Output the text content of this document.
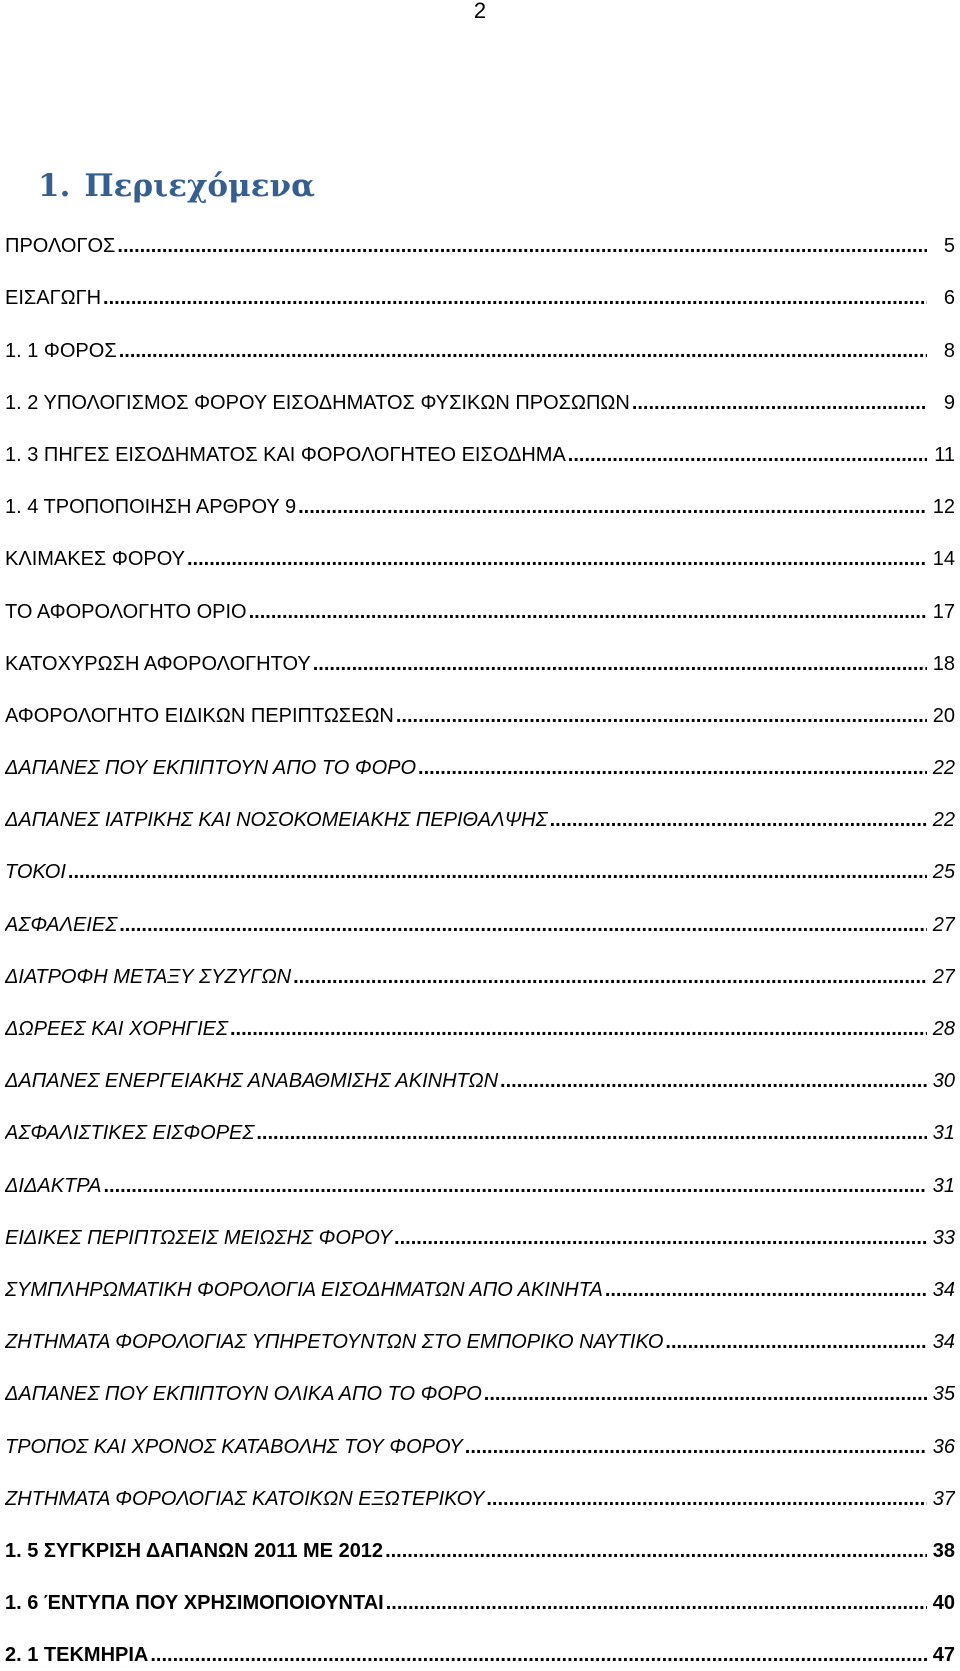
2
1. Περιεχόμενα
ΠΡΟΛΟΓΟΣ .....	5
ΕΙΣΑΓΩΓΗ .....	6
1. 1 ΦΟΡΟΣ .....	8
1. 2 ΥΠΟΛΟΓΙΣΜΟΣ ΦΟΡΟΥ ΕΙΣΟΔΗΜΑΤΟΣ ΦΥΣΙΚΩΝ ΠΡΟΣΩΠΩΝ .....	9
1. 3 ΠΗΓΕΣ ΕΙΣΟΔΗΜΑΤΟΣ ΚΑΙ ΦΟΡΟΛΟΓΗΤΕΟ ΕΙΣΟΔΗΜΑ .....	11
1. 4 ΤΡΟΠΟΠΟΙΗΣΗ ΑΡΘΡΟΥ 9 .....	12
ΚΛΙΜΑΚΕΣ ΦΟΡΟΥ .....	14
ΤΟ ΑΦΟΡΟΛΟΓΗΤΟ ΟΡΙΟ .....	17
ΚΑΤΟΧΥΡΩΣΗ ΑΦΟΡΟΛΟΓΗΤΟΥ .....	18
ΑΦΟΡΟΛΟΓΗΤΟ ΕΙΔΙΚΩΝ ΠΕΡΙΠΤΩΣΕΩΝ .....	20
ΔΑΠΑΝΕΣ ΠΟΥ ΕΚΠΙΠΤΟΥΝ ΑΠΟ ΤΟ ΦΟΡΟ .....	22
ΔΑΠΑΝΕΣ ΙΑΤΡΙΚΗΣ ΚΑΙ ΝΟΣΟΚΟΜΕΙΑΚΗΣ ΠΕΡΙΘΑΛΨΗΣ .....	22
ΤΟΚΟΙ .....	25
ΑΣΦΑΛΕΙΕΣ .....	27
ΔΙΑΤΡΟΦΗ ΜΕΤΑΞΥ ΣΥΖΥΓΩΝ .....	27
ΔΩΡΕΕΣ ΚΑΙ ΧΟΡΗΓΙΕΣ .....	28
ΔΑΠΑΝΕΣ ΕΝΕΡΓΕΙΑΚΗΣ ΑΝΑΒΑΘΜΙΣΗΣ ΑΚΙΝΗΤΩΝ .....	30
ΑΣΦΑΛΙΣΤΙΚΕΣ ΕΙΣΦΟΡΕΣ .....	31
ΔΙΔΑΚΤΡΑ .....	31
ΕΙΔΙΚΕΣ ΠΕΡΙΠΤΩΣΕΙΣ ΜΕΙΩΣΗΣ ΦΟΡΟΥ .....	33
ΣΥΜΠΛΗΡΩΜΑΤΙΚΗ ΦΟΡΟΛΟΓΙΑ ΕΙΣΟΔΗΜΑΤΩΝ ΑΠΟ ΑΚΙΝΗΤΑ .....	34
ΖΗΤΗΜΑΤΑ ΦΟΡΟΛΟΓΙΑΣ ΥΠΗΡΕΤΟΥΝΤΩΝ ΣΤΟ ΕΜΠΟΡΙΚΟ ΝΑΥΤΙΚΟ .....	34
ΔΑΠΑΝΕΣ ΠΟΥ ΕΚΠΙΠΤΟΥΝ ΟΛΙΚΑ ΑΠΟ ΤΟ ΦΟΡΟ .....	35
ΤΡΟΠΟΣ ΚΑΙ ΧΡΟΝΟΣ ΚΑΤΑΒΟΛΗΣ ΤΟΥ ΦΟΡΟΥ .....	36
ΖΗΤΗΜΑΤΑ ΦΟΡΟΛΟΓΙΑΣ ΚΑΤΟΙΚΩΝ ΕΞΩΤΕΡΙΚΟΥ .....	37
1. 5 ΣΥΓΚΡΙΣΗ ΔΑΠΑΝΩΝ 2011 ΜΕ 2012 .....	38
1. 6 ΈΝΤΥΠΑ ΠΟΥ ΧΡΗΣΙΜΟΠΟΙΟΥΝΤΑΙ .....	40
2. 1 ΤΕΚΜΗΡΙΑ .....	47
